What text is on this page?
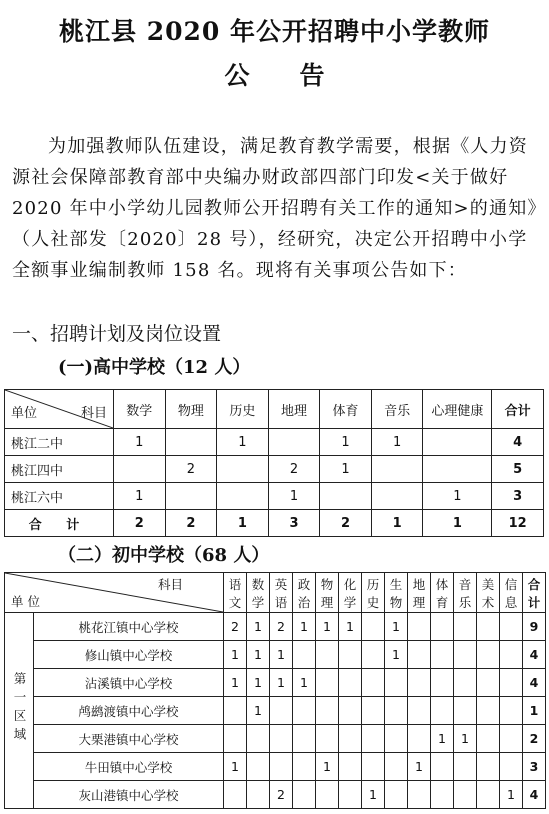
桃江县 2020 年公开招聘中小学教师
公告
为加强教师队伍建设，满足教育教学需要，根据《人力资源社会保障部教育部中央编办财政部四部门印发<关于做好 2020 年中小学幼儿园教师公开招聘有关工作的通知>的通知》（人社部发〔2020〕28 号），经研究，决定公开招聘中小学全额事业编制教师 158 名。现将有关事项公告如下：
一、招聘计划及岗位设置
(一)高中学校（12 人）
单位 科目	数学	物理	历史	地理	体育	音乐	心理健康	合计
桃江二中	1		1		1	1		4
桃江四中		2		2	1			5
桃江六中	1			1			1	3
合 计	2	2	1	3	2	1	1	12
（二）初中学校（68 人）
科目
单 位		语文	数学	英语	政治	物理	化学	历史	生物	地理	体育	音乐	美术	信息	合计
第一区域	桃花江镇中心学校	2	1	2	1	1	1		1						9
	修山镇中心学校	1	1	1					1						4
	沾溪镇中心学校	1	1	1	1										4
	鸬鹚渡镇中心学校		1												1
	大栗港镇中心学校										1	1			2
	牛田镇中心学校	1				1				1					3
	灰山港镇中心学校			2				1						1	4
